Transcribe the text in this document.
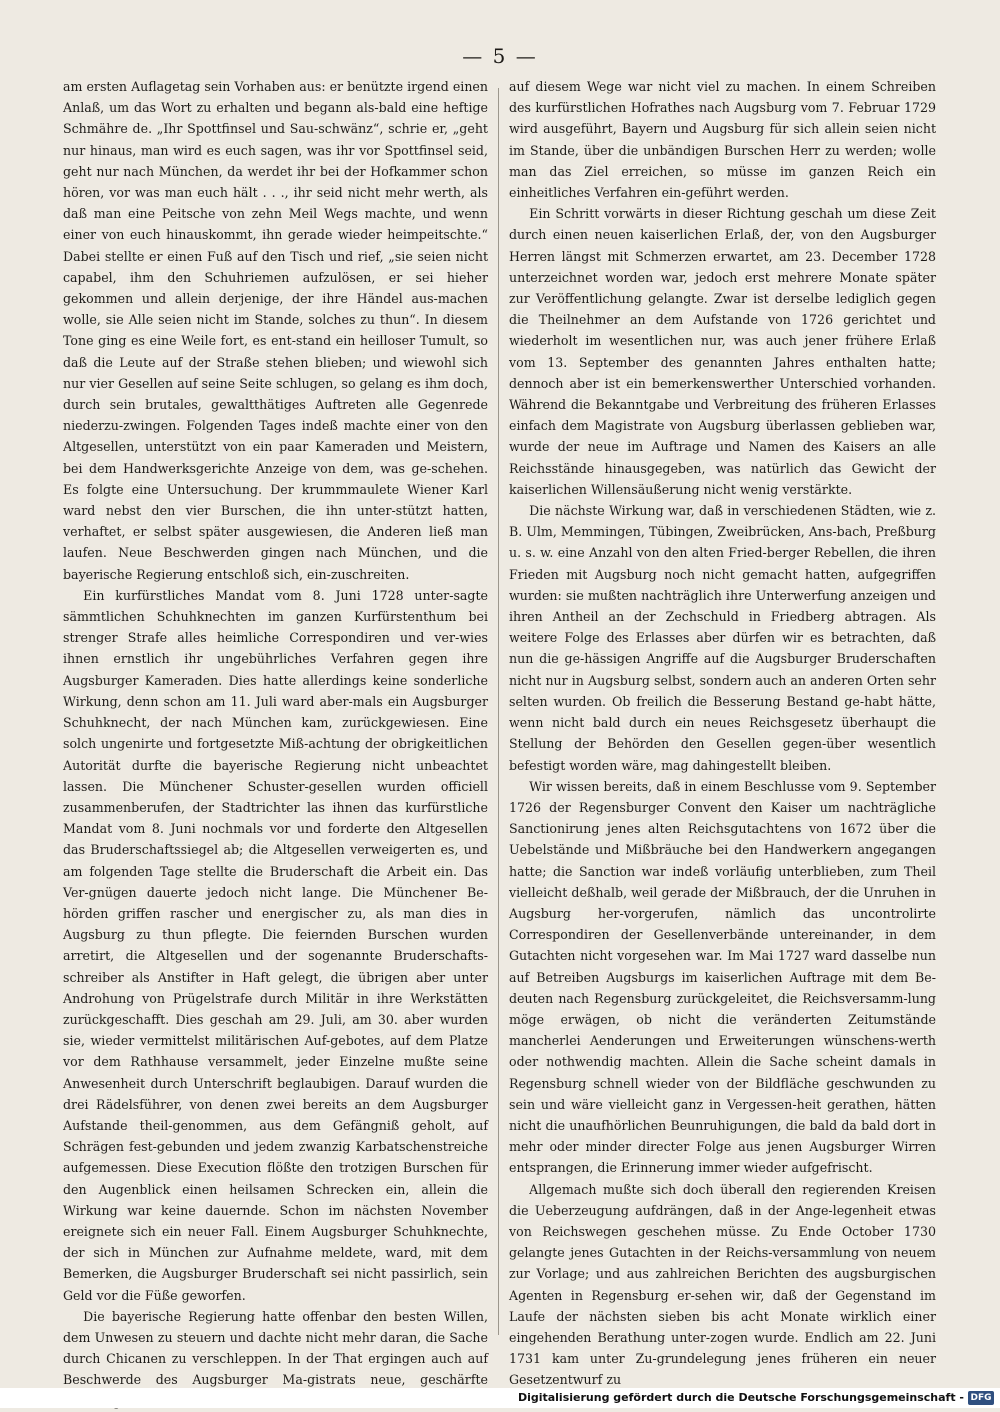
— 5 —

am ersten Auflagetag sein Vorhaben aus: er benützte irgend einen Anlaß, um das Wort zu erhalten und begann als-bald eine heftige Schmähre de. „Ihr Spottfinsel und Sau-schwänz“, schrie er, „geht nur hinaus, man wird es euch sagen, was ihr vor Spottfinsel seid, geht nur nach München, da werdet ihr bei der Hofkammer schon hören, vor was man euch hält . . ., ihr seid nicht mehr werth, als daß man eine Peitsche von zehn Meil Wegs machte, und wenn einer von euch hinauskommt, ihn gerade wieder heimpeitschte.“ Dabei stellte er einen Fuß auf den Tisch und rief, „sie seien nicht capabel, ihm den Schuhriemen aufzulösen, er sei hieher gekommen und allein derjenige, der ihre Händel aus-machen wolle, sie Alle seien nicht im Stande, solches zu thun“. In diesem Tone ging es eine Weile fort, es ent-stand ein heilloser Tumult, so daß die Leute auf der Straße stehen blieben; und wiewohl sich nur vier Gesellen auf seine Seite schlugen, so gelang es ihm doch, durch sein brutales, gewaltthätiges Auftreten alle Gegenrede niederzu-zwingen. Folgenden Tages indeß machte einer von den Altgesellen, unterstützt von ein paar Kameraden und Meistern, bei dem Handwerksgerichte Anzeige von dem, was ge-schehen. Es folgte eine Untersuchung. Der krummmaulete Wiener Karl ward nebst den vier Burschen, die ihn unter-stützt hatten, verhaftet, er selbst später ausgewiesen, die Anderen ließ man laufen. Neue Beschwerden gingen nach München, und die bayerische Regierung entschloß sich, ein-zuschreiten.

Ein kurfürstliches Mandat vom 8. Juni 1728 unter-sagte sämmtlichen Schuhknechten im ganzen Kurfürstenthum bei strenger Strafe alles heimliche Correspondiren und ver-wies ihnen ernstlich ihr ungebührliches Verfahren gegen ihre Augsburger Kameraden. Dies hatte allerdings keine sonderliche Wirkung, denn schon am 11. Juli ward aber-mals ein Augsburger Schuhknecht, der nach München kam, zurückgewiesen. Eine solch ungenirte und fortgesetzte Miß-achtung der obrigkeitlichen Autorität durfte die bayerische Regierung nicht unbeachtet lassen. Die Münchener Schuster-gesellen wurden officiell zusammenberufen, der Stadtrichter las ihnen das kurfürstliche Mandat vom 8. Juni nochmals vor und forderte den Altgesellen das Bruderschaftssiegel ab; die Altgesellen verweigerten es, und am folgenden Tage stellte die Bruderschaft die Arbeit ein. Das Ver-gnügen dauerte jedoch nicht lange. Die Münchener Be-hörden griffen rascher und energischer zu, als man dies in Augsburg zu thun pflegte. Die feiernden Burschen wurden arretirt, die Altgesellen und der sogenannte Bruderschafts-schreiber als Anstifter in Haft gelegt, die übrigen aber unter Androhung von Prügelstrafe durch Militär in ihre Werkstätten zurückgeschafft. Dies geschah am 29. Juli, am 30. aber wurden sie, wieder vermittelst militärischen Auf-gebotes, auf dem Platze vor dem Rathhause versammelt, jeder Einzelne mußte seine Anwesenheit durch Unterschrift beglaubigen. Darauf wurden die drei Rädelsführer, von denen zwei bereits an dem Augsburger Aufstande theil-genommen, aus dem Gefängniß geholt, auf Schrägen fest-gebunden und jedem zwanzig Karbatschenstreiche aufgemessen. Diese Execution flößte den trotzigen Burschen für den Augenblick einen heilsamen Schrecken ein, allein die Wirkung war keine dauernde. Schon im nächsten November ereignete sich ein neuer Fall. Einem Augsburger Schuhknechte, der sich in München zur Aufnahme meldete, ward, mit dem Bemerken, die Augsburger Bruderschaft sei nicht passirlich, sein Geld vor die Füße geworfen.

Die bayerische Regierung hatte offenbar den besten Willen, dem Unwesen zu steuern und dachte nicht mehr daran, die Sache durch Chicanen zu verschleppen. In der That ergingen auch auf Beschwerde des Augsburger Ma-gistrats neue, geschärfte

auf diesem Wege war nicht viel zu machen. In einem Schreiben des kurfürstlichen Hofrathes nach Augsburg vom 7. Februar 1729 wird ausgeführt, Bayern und Augsburg für sich allein seien nicht im Stande, über die unbändigen Burschen Herr zu werden; wolle man das Ziel erreichen, so müsse im ganzen Reich ein einheitliches Verfahren ein-geführt werden.

Ein Schritt vorwärts in dieser Richtung geschah um diese Zeit durch einen neuen kaiserlichen Erlaß, der, von den Augsburger Herren längst mit Schmerzen erwartet, am 23. December 1728 unterzeichnet worden war, jedoch erst mehrere Monate später zur Veröffentlichung gelangte. Zwar ist derselbe lediglich gegen die Theilnehmer an dem Aufstande von 1726 gerichtet und wiederholt im wesentlichen nur, was auch jener frühere Erlaß vom 13. September des genannten Jahres enthalten hatte; dennoch aber ist ein bemerkenswerther Unterschied vorhanden. Während die Bekanntgabe und Verbreitung des früheren Erlasses einfach dem Magistrate von Augsburg überlassen geblieben war, wurde der neue im Auftrage und Namen des Kaisers an alle Reichsstände hinausgegeben, was natürlich das Gewicht der kaiserlichen Willensäußerung nicht wenig verstärkte.

Die nächste Wirkung war, daß in verschiedenen Städten, wie z. B. Ulm, Memmingen, Tübingen, Zweibrücken, Ans-bach, Preßburg u. s. w. eine Anzahl von den alten Fried-berger Rebellen, die ihren Frieden mit Augsburg noch nicht gemacht hatten, aufgegriffen wurden: sie mußten nachträglich ihre Unterwerfung anzeigen und ihren Antheil an der Zechschuld in Friedberg abtragen. Als weitere Folge des Erlasses aber dürfen wir es betrachten, daß nun die ge-hässigen Angriffe auf die Augsburger Bruderschaften nicht nur in Augsburg selbst, sondern auch an anderen Orten sehr selten wurden. Ob freilich die Besserung Bestand ge-habt hätte, wenn nicht bald durch ein neues Reichsgesetz überhaupt die Stellung der Behörden den Gesellen gegen-über wesentlich befestigt worden wäre, mag dahingestellt bleiben.

Wir wissen bereits, daß in einem Beschlusse vom 9. September 1726 der Regensburger Convent den Kaiser um nachträgliche Sanctionirung jenes alten Reichsgutachtens von 1672 über die Uebelstände und Mißbräuche bei den Handwerkern angegangen hatte; die Sanction war indeß vorläufig unterblieben, zum Theil vielleicht deßhalb, weil gerade der Mißbrauch, der die Unruhen in Augsburg her-vorgerufen, nämlich das uncontrolirte Correspondiren der Gesellenverbände untereinander, in dem Gutachten nicht vorgesehen war. Im Mai 1727 ward dasselbe nun auf Betreiben Augsburgs im kaiserlichen Auftrage mit dem Be-deuten nach Regensburg zurückgeleitet, die Reichsversamm-lung möge erwägen, ob nicht die veränderten Zeitumstände mancherlei Aenderungen und Erweiterungen wünschens-werth oder nothwendig machten. Allein die Sache scheint damals in Regensburg schnell wieder von der Bildfläche geschwunden zu sein und wäre vielleicht ganz in Vergessen-heit gerathen, hätten nicht die unaufhörlichen Beunruhigungen, die bald da bald dort in mehr oder minder directer Folge aus jenen Augsburger Wirren entsprangen, die Erinnerung immer wieder aufgefrischt.

Allgemach mußte sich doch überall den regierenden Kreisen die Ueberzeugung aufdrängen, daß in der Ange-legenheit etwas von Reichswegen geschehen müsse. Zu Ende October 1730 gelangte jenes Gutachten in der Reichs-versammlung von neuem zur Vorlage; und aus zahlreichen Berichten des augsburgischen Agenten in Regensburg er-sehen wir, daß der Gegenstand im Laufe der nächsten sieben bis acht Monate wirklich einer eingehenden Berathung unter-zogen wurde. Endlich am 22. Juni 1731 kam unter Zu-grundelegung jenes früheren ein neuer Gesetzentwurf zu

Digitalisierung gefördert durch die Deutsche Forschungsgemeinschaft - DFG
